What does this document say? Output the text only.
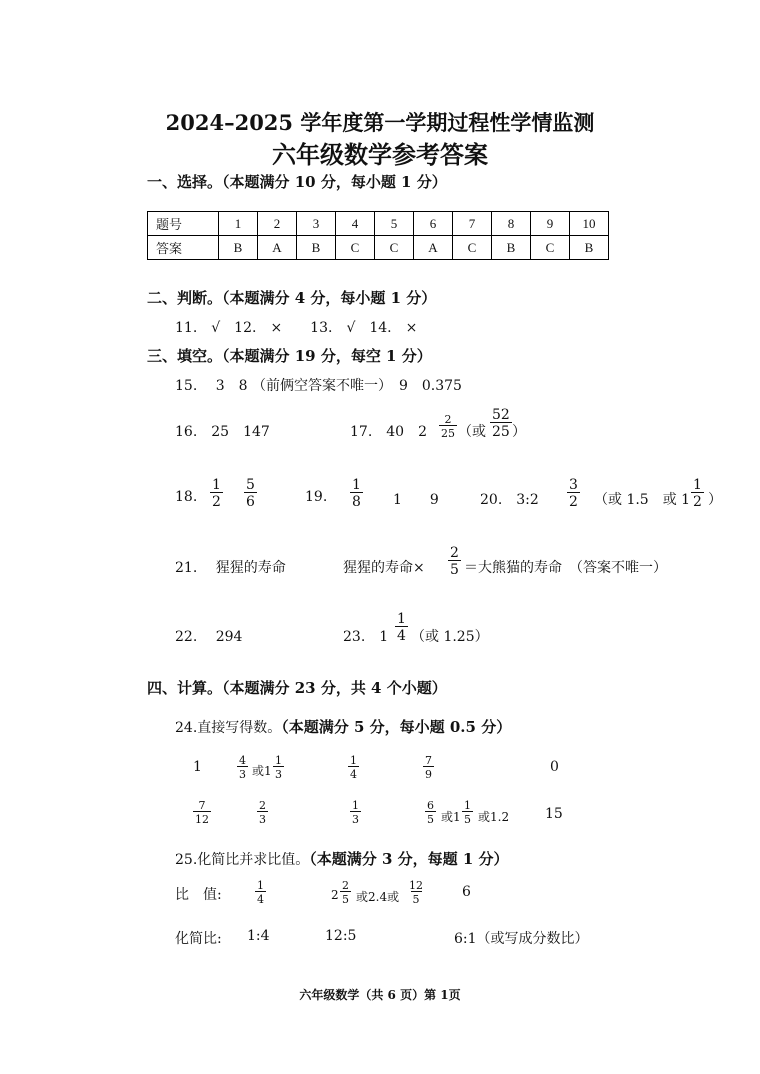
2024–2025 学年度第一学期过程性学情监测
六年级数学参考答案
一、选择。（本题满分 10 分，每小题 1 分）
题号	1	2	3	4	5	6	7	8	9	10
答案	B	A	B	C	C	A	C	B	C	B
二、判断。（本题满分 4 分，每小题 1 分）
11.　√　12.　×　　13.　√　14.　×
三、填空。（本题满分 19 分，每空 1 分）
15.　 3　8 （前俩空答案不唯一）　9　0.375
16.　25　147	17.　40　$2 \frac{2}{25}$ （或 $\frac{52}{25}$ ）
18. $\frac{1}{2} \frac{5}{6}$	19. $\frac{1}{8} 1$　　9	20.　3:2 $\frac{3}{2}$ （或 1.5　或 $1 \frac{1}{2}$ ）
21.　 猩猩的寿命	猩猩的寿命× $\frac{2}{5}$ ＝大熊猫的寿命　（答案不唯一）
22.　 294	23.　$1 \frac{1}{4}$ （或 1.25）
四、计算。（本题满分 23 分，共 4 个小题）
24.直接写得数。（本题满分 5 分，每小题 0.5 分）
1	$\frac{4}{3}$ 或$1 \frac{1}{3}$	$\frac{1}{4}$	$\frac{7}{9}$	0
$\frac{7}{12}$	$\frac{2}{3}$	$\frac{1}{3}$	$\frac{6}{5}$ 或$1 \frac{1}{5}$ 或1.2	15
25.化简比并求比值。（本题满分 3 分，每题 1 分）
比　值:	$\frac{1}{4}$	$2 \frac{2}{5}$ 或2.4或 $\frac{12}{5}$	6
化简比: 1:4	12:5	6:1（或写成分数比）
六年级数学（共 6 页）第 1页
